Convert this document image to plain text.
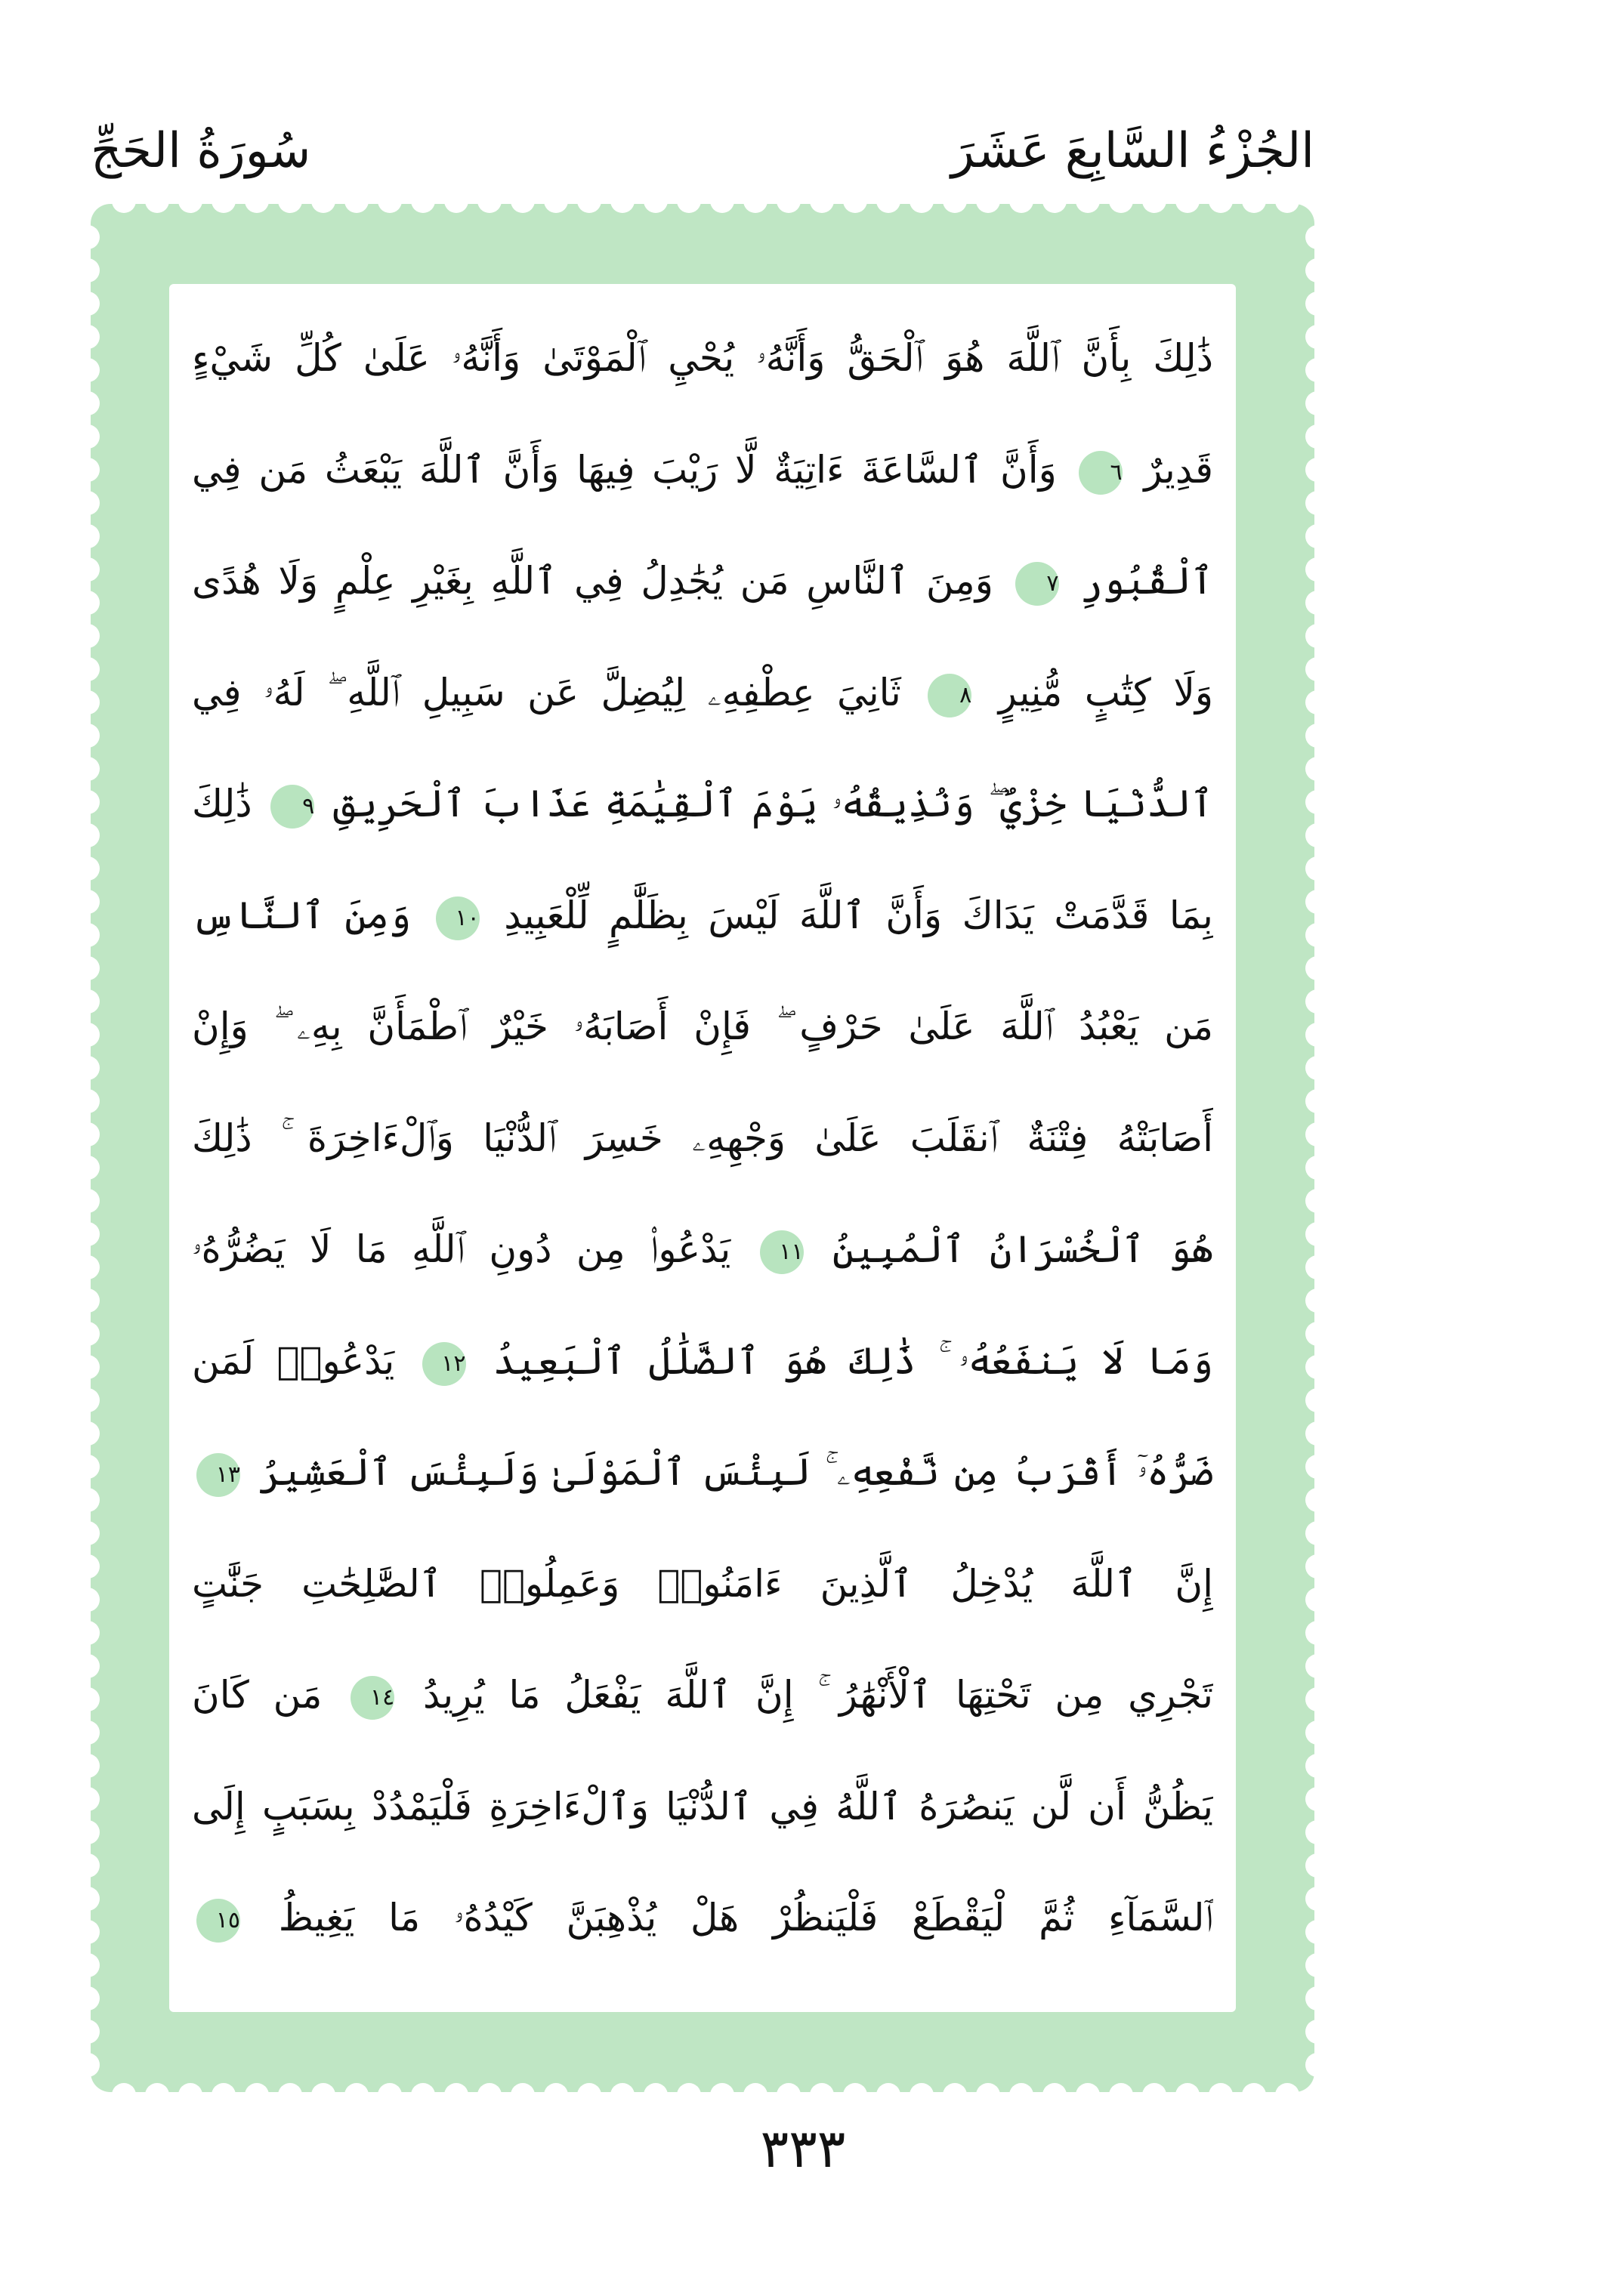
الجُزْءُ السَّابِعَ عَشَرَ
سُورَةُ الحَجِّ
ذَٰلِكَ بِأَنَّ ٱللَّهَ هُوَ ٱلْحَقُّ وَأَنَّهُۥ يُحْيِ ٱلْمَوْتَىٰ وَأَنَّهُۥ عَلَىٰ كُلِّ شَيْءٍ
قَدِيرٌ ٦ وَأَنَّ ٱلسَّاعَةَ ءَاتِيَةٌ لَّا رَيْبَ فِيهَا وَأَنَّ ٱللَّهَ يَبْعَثُ مَن فِي
ٱلْقُبُورِ ٧ وَمِنَ ٱلنَّاسِ مَن يُجَٰدِلُ فِي ٱللَّهِ بِغَيْرِ عِلْمٍ وَلَا هُدًى
وَلَا كِتَٰبٍ مُّنِيرٍ ٨ ثَانِيَ عِطْفِهِۦ لِيُضِلَّ عَن سَبِيلِ ٱللَّهِ ۖ لَهُۥ فِي
ٱلدُّنْيَا خِزْيٌ ۖ وَنُذِيقُهُۥ يَوْمَ ٱلْقِيَٰمَةِ عَذَابَ ٱلْحَرِيقِ ٩ ذَٰلِكَ
بِمَا قَدَّمَتْ يَدَاكَ وَأَنَّ ٱللَّهَ لَيْسَ بِظَلَّٰمٍ لِّلْعَبِيدِ ١٠ وَمِنَ ٱلنَّاسِ
مَن يَعْبُدُ ٱللَّهَ عَلَىٰ حَرْفٍ ۖ فَإِنْ أَصَابَهُۥ خَيْرٌ ٱطْمَأَنَّ بِهِۦ ۖ وَإِنْ
أَصَابَتْهُ فِتْنَةٌ ٱنقَلَبَ عَلَىٰ وَجْهِهِۦ خَسِرَ ٱلدُّنْيَا وَٱلْءَاخِرَةَ ۚ ذَٰلِكَ
هُوَ ٱلْخُسْرَانُ ٱلْمُبِينُ ١١ يَدْعُوا۟ مِن دُونِ ٱللَّهِ مَا لَا يَضُرُّهُۥ
وَمَا لَا يَنفَعُهُۥ ۚ ذَٰلِكَ هُوَ ٱلضَّلَٰلُ ٱلْبَعِيدُ ١٢ يَدْعُوا۟ لَمَن
ضَرُّهُۥٓ أَقْرَبُ مِن نَّفْعِهِۦ ۚ لَبِئْسَ ٱلْمَوْلَىٰ وَلَبِئْسَ ٱلْعَشِيرُ ١٣
إِنَّ ٱللَّهَ يُدْخِلُ ٱلَّذِينَ ءَامَنُوا۟ وَعَمِلُوا۟ ٱلصَّٰلِحَٰتِ جَنَّٰتٍ
تَجْرِي مِن تَحْتِهَا ٱلْأَنْهَٰرُ ۚ إِنَّ ٱللَّهَ يَفْعَلُ مَا يُرِيدُ ١٤ مَن كَانَ
يَظُنُّ أَن لَّن يَنصُرَهُ ٱللَّهُ فِي ٱلدُّنْيَا وَٱلْءَاخِرَةِ فَلْيَمْدُدْ بِسَبَبٍ إِلَى
ٱلسَّمَآءِ ثُمَّ لْيَقْطَعْ فَلْيَنظُرْ هَلْ يُذْهِبَنَّ كَيْدُهُۥ مَا يَغِيظُ ١٥
٣٣٣
